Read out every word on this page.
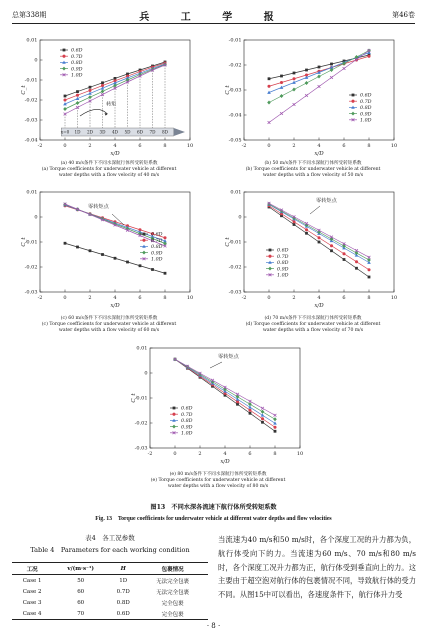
总第338期	兵 工 学 报	第46卷
0.01
0
-0.01
-0.02
-0.03
-0.04
-2	0	2	4	6	8	10
x/D
C_t
x=0 1D 2D 3D 4D 5D 6D 7D 8D
转矩
0.6D
0.7D
0.8D
0.9D
1.0D
(a) 40 m/s条件下不同水深航行体所受转矩系数
(a) Torque coefficients for underwater vehicle at different
water depths with a flow velocity of 40 m/s
-0.01
-0.02
-0.03
-0.04
-0.05
-2	0	2	4	6	8	10
x/D
C_t
0.6D
0.7D
0.8D
0.9D
1.0D
(b) 50 m/s条件下不同水深航行体所受转矩系数
(b) Torque coefficients for underwater vehicle at different
water depths with a flow velocity of 50 m/s
0.01
0
-0.01
-0.02
-0.03
-2	0	2	4	6	8	10
x/D
C_t
零转矩点
0.6D
0.7D
0.8D
0.9D
1.0D
(c) 60 m/s条件下不同水深航行体所受转矩系数
(c) Torque coefficients for underwater vehicle at different
water depths with a flow velocity of 60 m/s
0.01
0
-0.01
-0.02
-0.03
-2	0	2	4	6	8	10
x/D
C_t
零转矩点
0.6D
0.7D
0.8D
0.9D
1.0D
(d) 70 m/s条件下不同水深航行体所受转矩系数
(d) Torque coefficients for underwater vehicle at different
water depths with a flow velocity of 70 m/s
0.01
0
-0.01
-0.02
-0.03
-2	0	2	4	6	8	10
x/D
C_t
零转矩点
0.6D
0.7D
0.8D
0.9D
1.0D
(e) 80 m/s条件下不同水深航行体所受转矩系数
(e) Torque coefficients for underwater vehicle at different
water depths with a flow velocity of 80 m/s
图13　不同水深各流速下航行体所受转矩系数
Fig. 13　Torque coefficients for underwater vehicle at different water depths and flow velocities
表4　各工况参数
Table 4　Parameters for each working condition
工况	v/(m·s⁻¹)	H	包裹情况
Case 1	50	1D	无法完全包裹
Case 2	60	0.7D	无法完全包裹
Case 3	60	0.8D	完全包裹
Case 4	70	0.6D	完全包裹
当流速为40 m/s和50 m/s时，各个深度工况的升力都为负，航行体受向下的力。当流速为60 m/s、70 m/s和80 m/s时，各个深度工况升力都为正，航行体受到垂直向上的力。这主要由于超空泡对航行体的包裹情况不同，导致航行体的受力不同。从图15中可以看出，各速度条件下，航行体升力受
· 8 ·
